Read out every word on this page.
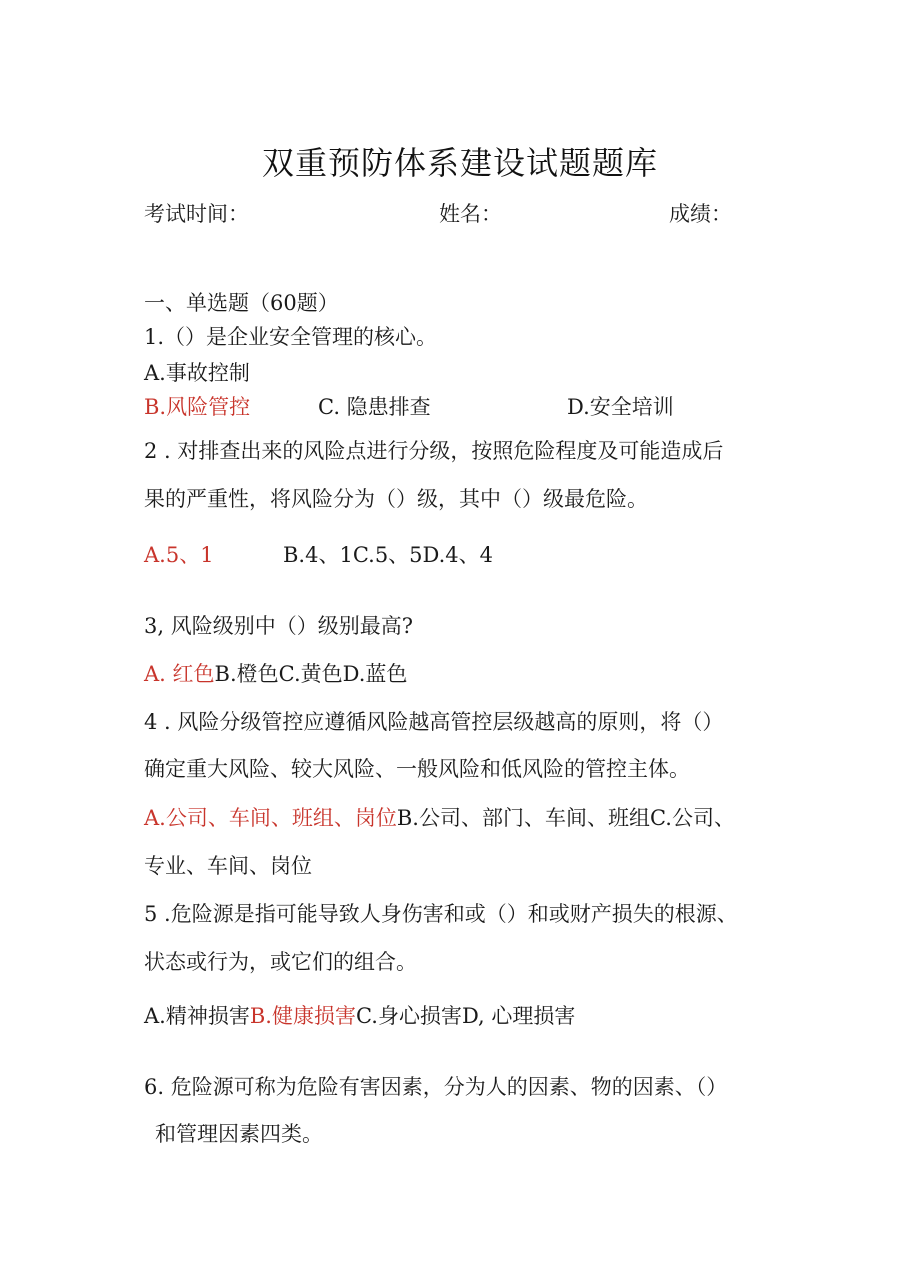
双重预防体系建设试题题库
考试时间：	姓名：	成绩：
一、单选题（60题）
1.（）是企业安全管理的核心。
A.事故控制
B.风险管控	C. 隐患排查	D.安全培训
2 . 对排查出来的风险点进行分级，按照危险程度及可能造成后
果的严重性，将风险分为（）级，其中（）级最危险。
A.5、1	B.4、1C.5、5D.4、4
3, 风险级别中（）级别最高?
A. 红色B.橙色C.黄色D.蓝色
4 . 风险分级管控应遵循风险越高管控层级越高的原则，将（）
确定重大风险、较大风险、一般风险和低风险的管控主体。
A.公司、车间、班组、岗位B.公司、部门、车间、班组C.公司、
专业、车间、岗位
5 .危险源是指可能导致人身伤害和或（）和或财产损失的根源、
状态或行为，或它们的组合。
A.精神损害B.健康损害C.身心损害D, 心理损害
6. 危险源可称为危险有害因素，分为人的因素、物的因素、（）
和管理因素四类。
